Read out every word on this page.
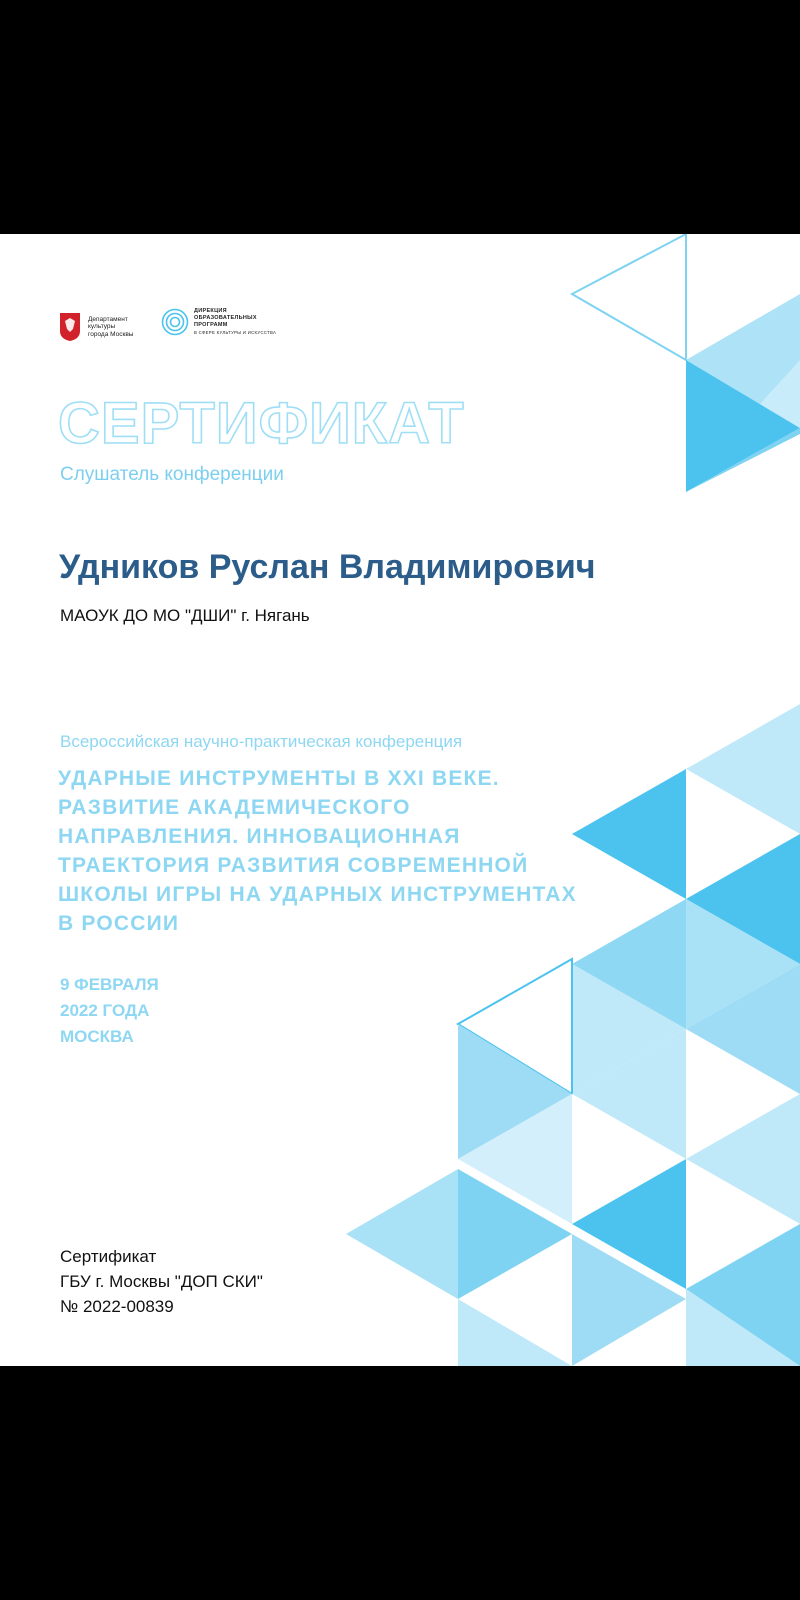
Департамент
культуры
города Москвы
ДИРЕКЦИЯ
ОБРАЗОВАТЕЛЬНЫХ
ПРОГРАММ
В СФЕРЕ КУЛЬТУРЫ И ИСКУССТВА
СЕРТИФИКАТ
Слушатель конференции
Удников Руслан Владимирович
МАОУК ДО МО "ДШИ" г. Нягань
Всероссийская научно-практическая конференция
УДАРНЫЕ ИНСТРУМЕНТЫ В XXI ВЕКЕ.
РАЗВИТИЕ АКАДЕМИЧЕСКОГО
НАПРАВЛЕНИЯ. ИННОВАЦИОННАЯ
ТРАЕКТОРИЯ РАЗВИТИЯ СОВРЕМЕННОЙ
ШКОЛЫ ИГРЫ НА УДАРНЫХ ИНСТРУМЕНТАХ
В РОССИИ
9 ФЕВРАЛЯ
2022 ГОДА
МОСКВА
Сертификат
ГБУ г. Москвы "ДОП СКИ"
№ 2022-00839
